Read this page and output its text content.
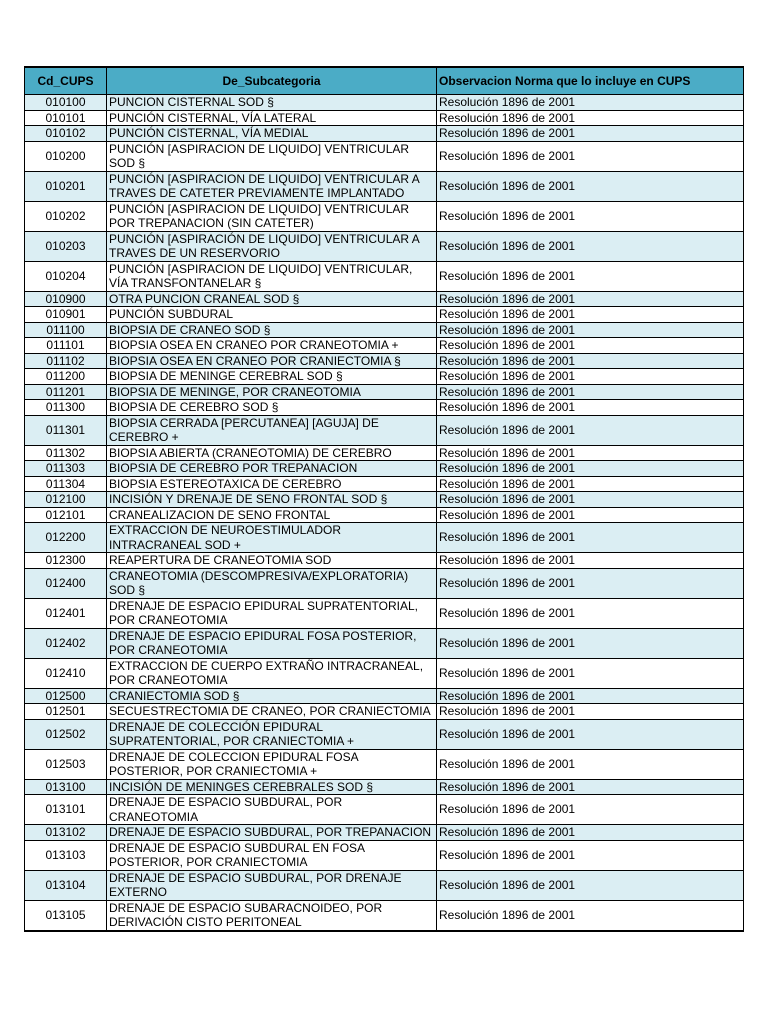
Cd_CUPS	De_Subcategoria	Observacion Norma que lo incluye en CUPS
010100	PUNCION CISTERNAL SOD §	Resolución 1896 de 2001
010101	PUNCIÓN CISTERNAL, VÍA LATERAL	Resolución 1896 de 2001
010102	PUNCIÓN CISTERNAL, VÍA MEDIAL	Resolución 1896 de 2001
010200	PUNCIÓN [ASPIRACION DE LIQUIDO] VENTRICULAR SOD §	Resolución 1896 de 2001
010201	PUNCIÓN [ASPIRACION DE LIQUIDO] VENTRICULAR A TRAVES DE CATETER PREVIAMENTE IMPLANTADO	Resolución 1896 de 2001
010202	PUNCIÓN [ASPIRACION DE LIQUIDO] VENTRICULAR POR TREPANACION (SIN CATETER)	Resolución 1896 de 2001
010203	PUNCIÓN [ASPIRACIÓN DE LIQUIDO] VENTRICULAR A TRAVES DE UN RESERVORIO	Resolución 1896 de 2001
010204	PUNCIÓN [ASPIRACION DE LIQUIDO] VENTRICULAR, VÍA TRANSFONTANELAR §	Resolución 1896 de 2001
010900	OTRA PUNCION CRANEAL SOD §	Resolución 1896 de 2001
010901	PUNCIÓN SUBDURAL	Resolución 1896 de 2001
011100	BIOPSIA DE CRANEO SOD §	Resolución 1896 de 2001
011101	BIOPSIA OSEA EN CRANEO POR CRANEOTOMIA +	Resolución 1896 de 2001
011102	BIOPSIA OSEA EN CRANEO POR CRANIECTOMIA §	Resolución 1896 de 2001
011200	BIOPSIA DE MENINGE CEREBRAL SOD §	Resolución 1896 de 2001
011201	BIOPSIA DE MENINGE, POR CRANEOTOMIA	Resolución 1896 de 2001
011300	BIOPSIA DE CEREBRO SOD §	Resolución 1896 de 2001
011301	BIOPSIA CERRADA [PERCUTANEA] [AGUJA] DE CEREBRO +	Resolución 1896 de 2001
011302	BIOPSIA ABIERTA (CRANEOTOMIA) DE CEREBRO	Resolución 1896 de 2001
011303	BIOPSIA DE CEREBRO POR TREPANACION	Resolución 1896 de 2001
011304	BIOPSIA ESTEREOTAXICA DE CEREBRO	Resolución 1896 de 2001
012100	INCISIÓN Y DRENAJE DE SENO FRONTAL SOD §	Resolución 1896 de 2001
012101	CRANEALIZACION DE SENO FRONTAL	Resolución 1896 de 2001
012200	EXTRACCION DE NEUROESTIMULADOR INTRACRANEAL SOD +	Resolución 1896 de 2001
012300	REAPERTURA DE CRANEOTOMIA SOD	Resolución 1896 de 2001
012400	CRANEOTOMIA (DESCOMPRESIVA/EXPLORATORIA) SOD §	Resolución 1896 de 2001
012401	DRENAJE DE ESPACIO EPIDURAL SUPRATENTORIAL, POR CRANEOTOMIA	Resolución 1896 de 2001
012402	DRENAJE DE ESPACIO EPIDURAL FOSA POSTERIOR, POR CRANEOTOMIA	Resolución 1896 de 2001
012410	EXTRACCION DE CUERPO EXTRAÑO INTRACRANEAL, POR CRANEOTOMIA	Resolución 1896 de 2001
012500	CRANIECTOMIA SOD §	Resolución 1896 de 2001
012501	SECUESTRECTOMIA DE CRANEO, POR CRANIECTOMIA	Resolución 1896 de 2001
012502	DRENAJE DE COLECCIÓN EPIDURAL SUPRATENTORIAL, POR CRANIECTOMIA +	Resolución 1896 de 2001
012503	DRENAJE DE COLECCION EPIDURAL FOSA POSTERIOR, POR CRANIECTOMIA +	Resolución 1896 de 2001
013100	INCISIÓN DE MENINGES CEREBRALES SOD §	Resolución 1896 de 2001
013101	DRENAJE DE ESPACIO SUBDURAL, POR CRANEOTOMIA	Resolución 1896 de 2001
013102	DRENAJE DE ESPACIO SUBDURAL, POR TREPANACION	Resolución 1896 de 2001
013103	DRENAJE DE ESPACIO SUBDURAL EN FOSA POSTERIOR, POR CRANIECTOMIA	Resolución 1896 de 2001
013104	DRENAJE DE ESPACIO SUBDURAL, POR DRENAJE EXTERNO	Resolución 1896 de 2001
013105	DRENAJE DE ESPACIO SUBARACNOIDEO, POR DERIVACIÓN CISTO PERITONEAL	Resolución 1896 de 2001
